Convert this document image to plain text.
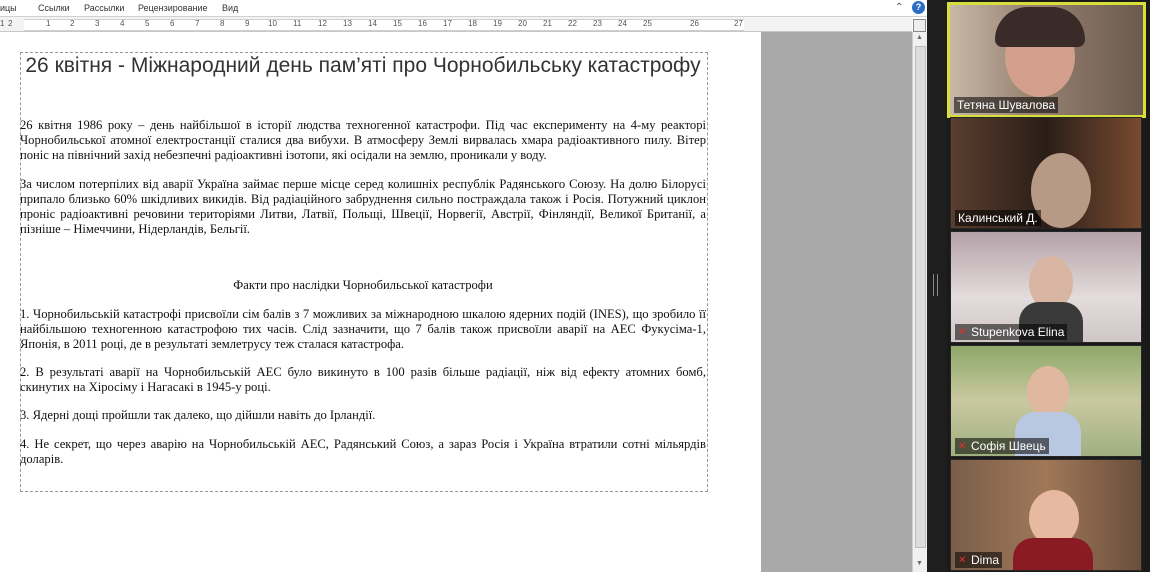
ицы Ссылки Рассылки Рецензирование Вид	⌃	?
1 2	1 2	3	4	5	6	7	8	9 10 11 12 13 14 15 16 17 18 19 20 21 22 23 24 25	26	27
26 квітня - Міжнародний день пам’яті про Чорнобильську катастрофу
26 квітня 1986 року – день найбільшої в історії людства техногенної катастрофи. Під час експерименту на 4-му реакторі Чорнобильської атомної електростанції сталися два вибухи. В атмосферу Землі вирвалась хмара радіоактивного пилу. Вітер поніс на північний захід небезпечні радіоактивні ізотопи, які осідали на землю, проникали у воду.
За числом потерпілих від аварії Україна займає перше місце серед колишніх республік Радянського Союзу. На долю Білорусі припало близько 60% шкідливих викидів. Від радіаційного забруднення сильно постраждала також і Росія. Потужний циклон проніс радіоактивні речовини територіями Литви, Латвії, Польщі, Швеції, Норвегії, Австрії, Фінляндії, Великої Британії, а пізніше – Німеччини, Нідерландів, Бельгії.
Факти про наслідки Чорнобильської катастрофи
1. Чорнобильській катастрофі присвоїли сім балів з 7 можливих за міжнародною шкалою ядерних подій (INES), що зробило її найбільшою техногенною катастрофою тих часів. Слід зазначити, що 7 балів також присвоїли аварії на АЕС Фукусіма-1, Японія, в 2011 році, де в результаті землетрусу теж сталася катастрофа.
2. В результаті аварії на Чорнобильській АЕС було викинуто в 100 разів більше радіації, ніж від ефекту атомних бомб, скинутих на Хіросіму і Нагасакі в 1945-у році.
3. Ядерні дощі пройшли так далеко, що дійшли навіть до Ірландії.
4. Не секрет, що через аварію на Чорнобильській АЕС, Радянський Союз, а зараз Росія і Україна втратили сотні мільярдів доларів.
▲
▼
Тетяна Шувалова
Калинський Д.
✕ Stupenkova Elina
✕ Софія Швець
✕ Dima
